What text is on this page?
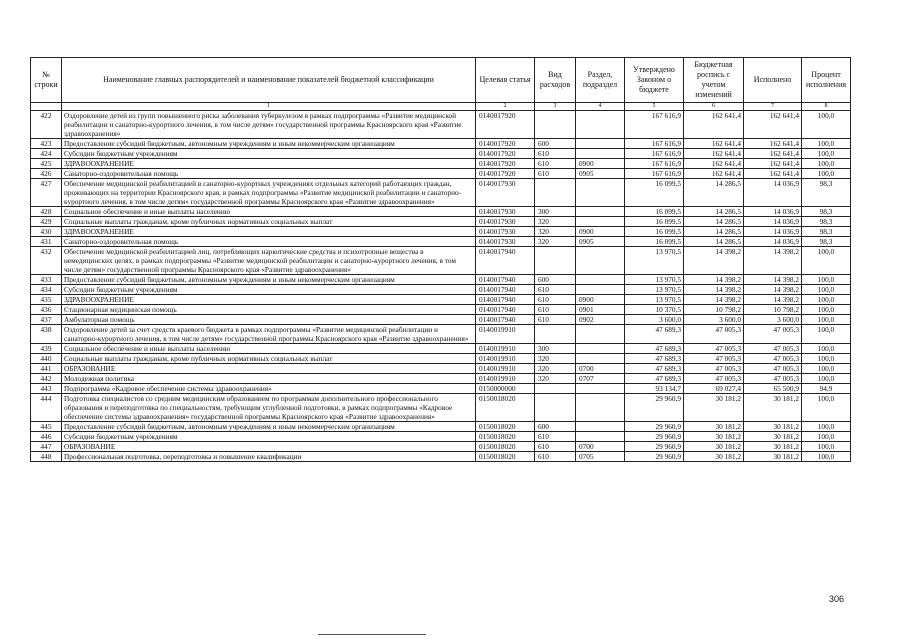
№ строки	Наименование главных распорядителей и наименование показателей бюджетной классификации	Целевая статья	Вид расходов	Раздел, подраздел	Утверждено Законом о бюджете	Бюджетная роспись с учетом изменений	Исполнено	Процент исполнения
	1	2	3	4	5	6	7	8
422	Оздоровление детей из групп повышенного риска заболевания туберкулезом в рамках подпрограммы «Развитие медицинской реабилитации и санаторно-курортного лечения, в том числе детям» государственной программы Красноярского края «Развитие здравоохранения»	0140017920			167 616,9	162 641,4	162 641,4	100,0
423	Предоставление субсидий бюджетным, автономным учреждениям и иным некоммерческим организациям	0140017920	600		167 616,9	162 641,4	162 641,4	100,0
424	Субсидии бюджетным учреждениям	0140017920	610		167 616,9	162 641,4	162 641,4	100,0
425	ЗДРАВООХРАНЕНИЕ	0140017920	610	0900	167 616,9	162 641,4	162 641,4	100,0
426	Санаторно-оздоровительная помощь	0140017920	610	0905	167 616,9	162 641,4	162 641,4	100,0
427	Обеспечение медицинской реабилитацией в санаторно-курортных учреждениях отдельных категорий работающих граждан, проживающих на территории Красноярского края, в рамках подпрограммы «Развитие медицинской реабилитации и санаторно-курортного лечения, в том числе детям» государственной программы Красноярского края «Развитие здравоохранения»	0140017930			16 099,5	14 286,5	14 036,9	98,3
428	Социальное обеспечение и иные выплаты населению	0140017930	300		16 099,5	14 286,5	14 036,9	98,3
429	Социальные выплаты гражданам, кроме публичных нормативных социальных выплат	0140017930	320		16 099,5	14 286,5	14 036,9	98,3
430	ЗДРАВООХРАНЕНИЕ	0140017930	320	0900	16 099,5	14 286,5	14 036,9	98,3
431	Санаторно-оздоровительная помощь	0140017930	320	0905	16 099,5	14 286,5	14 036,9	98,3
432	Обеспечение медицинской реабилитацией лиц, потребляющих наркотические средства и психотропные вещества в немедицинских целях, в рамках подпрограммы «Развитие медицинской реабилитации и санаторно-курортного лечения, в том числе детям» государственной программы Красноярского края «Развитие здравоохранения»	0140017940			13 970,5	14 398,2	14 398,2	100,0
433	Предоставление субсидий бюджетным, автономным учреждениям и иным некоммерческим организациям	0140017940	600		13 970,5	14 398,2	14 398,2	100,0
434	Субсидии бюджетным учреждениям	0140017940	610		13 970,5	14 398,2	14 398,2	100,0
435	ЗДРАВООХРАНЕНИЕ	0140017940	610	0900	13 970,5	14 398,2	14 398,2	100,0
436	Стационарная медицинская помощь	0140017940	610	0901	10 370,5	10 798,2	10 798,2	100,0
437	Амбулаторная помощь	0140017940	610	0902	3 600,0	3 600,0	3 600,0	100,0
438	Оздоровление детей за счет средств краевого бюджета в рамках подпрограммы «Развитие медицинской реабилитации и санаторно-курортного лечения, в том числе детям» государственной программы Красноярского края «Развитие здравоохранения»	0140019910			47 689,3	47 005,3	47 005,3	100,0
439	Социальное обеспечение и иные выплаты населению	0140019910	300		47 689,3	47 005,3	47 005,3	100,0
440	Социальные выплаты гражданам, кроме публичных нормативных социальных выплат	0140019910	320		47 689,3	47 005,3	47 005,3	100,0
441	ОБРАЗОВАНИЕ	0140019910	320	0700	47 689,3	47 005,3	47 005,3	100,0
442	Молодежная политика	0140019910	320	0707	47 689,3	47 005,3	47 005,3	100,0
443	Подпрограмма «Кадровое обеспечение системы здравоохранения»	0150000000			93 134,7	69 027,4	65 500,9	94,9
444	Подготовка специалистов со средним медицинским образованием по программам дополнительного профессионального образования и переподготовка по специальностям, требующим углубленной подготовки, в рамках подпрограммы «Кадровое обеспечение системы здравоохранения» государственной программы Красноярского края «Развитие здравоохранения»	0150018020			29 960,9	30 181,2	30 181,2	100,0
445	Предоставление субсидий бюджетным, автономным учреждениям и иным некоммерческим организациям	0150018020	600		29 960,9	30 181,2	30 181,2	100,0
446	Субсидии бюджетным учреждениям	0150018020	610		29 960,9	30 181,2	30 181,2	100,0
447	ОБРАЗОВАНИЕ	0150018020	610	0700	29 960,9	30 181,2	30 181,2	100,0
448	Профессиональная подготовка, переподготовка и повышение квалификации	0150018020	610	0705	29 960,9	30 181,2	30 181,2	100,0
306
